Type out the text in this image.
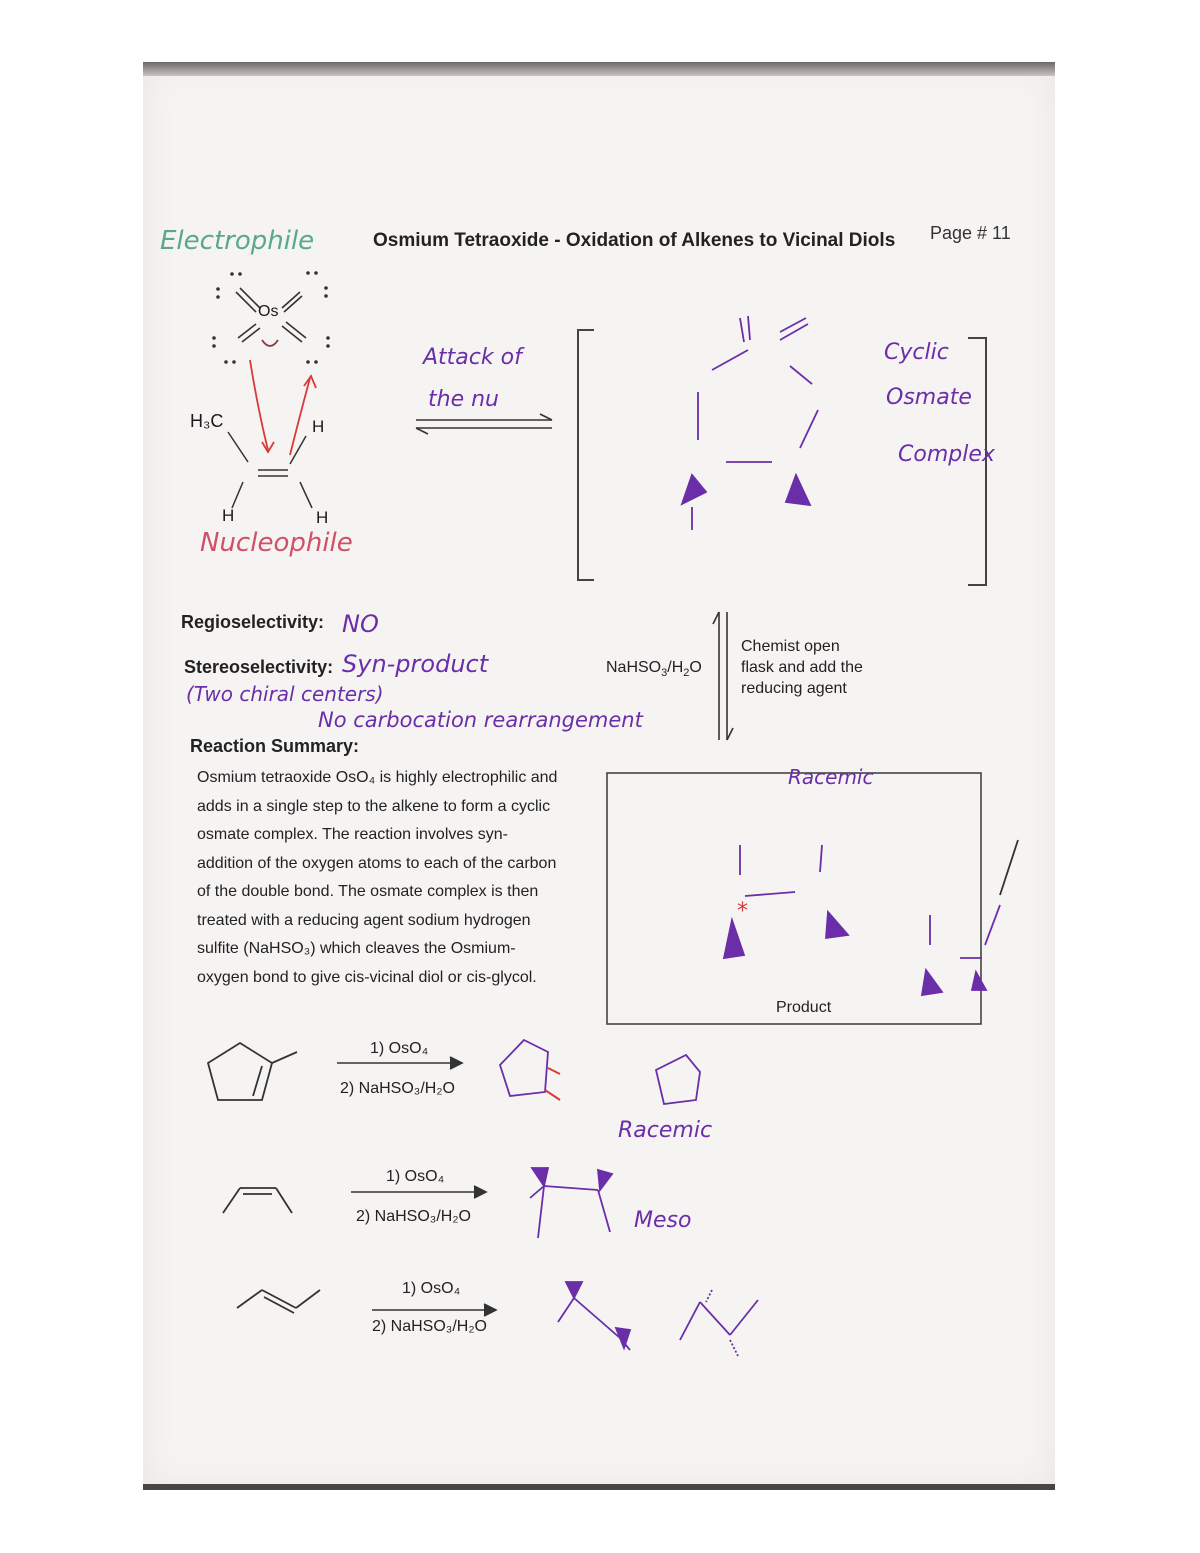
*
Osmium Tetraoxide - Oxidation of Alkenes to Vicinal Diols Page # 11
Electrophile
Nucleophile
Attack of
the nu
Cyclic
Osmate
Complex
Racemic
Racemic
Meso
Os
H₃C	H
H	H
Regioselectivity: NO
Stereoselectivity: Syn-product
(Two chiral centers)
No carbocation rearrangement
$NaHSO_3/H_2O$
Chemist open
flask and add the
reducing agent
Reaction Summary:
Osmium tetraoxide OsO₄ is highly electrophilic and
adds in a single step to the alkene to form a cyclic
osmate complex. The reaction involves syn-
addition of the oxygen atoms to each of the carbon
of the double bond. The osmate complex is then
treated with a reducing agent sodium hydrogen
sulfite (NaHSO₃) which cleaves the Osmium-
oxygen bond to give cis-vicinal diol or cis-glycol.
Product
1) OsO₄
2) NaHSO₃/H₂O
1) OsO₄
2) NaHSO₃/H₂O
1) OsO₄
2) NaHSO₃/H₂O
